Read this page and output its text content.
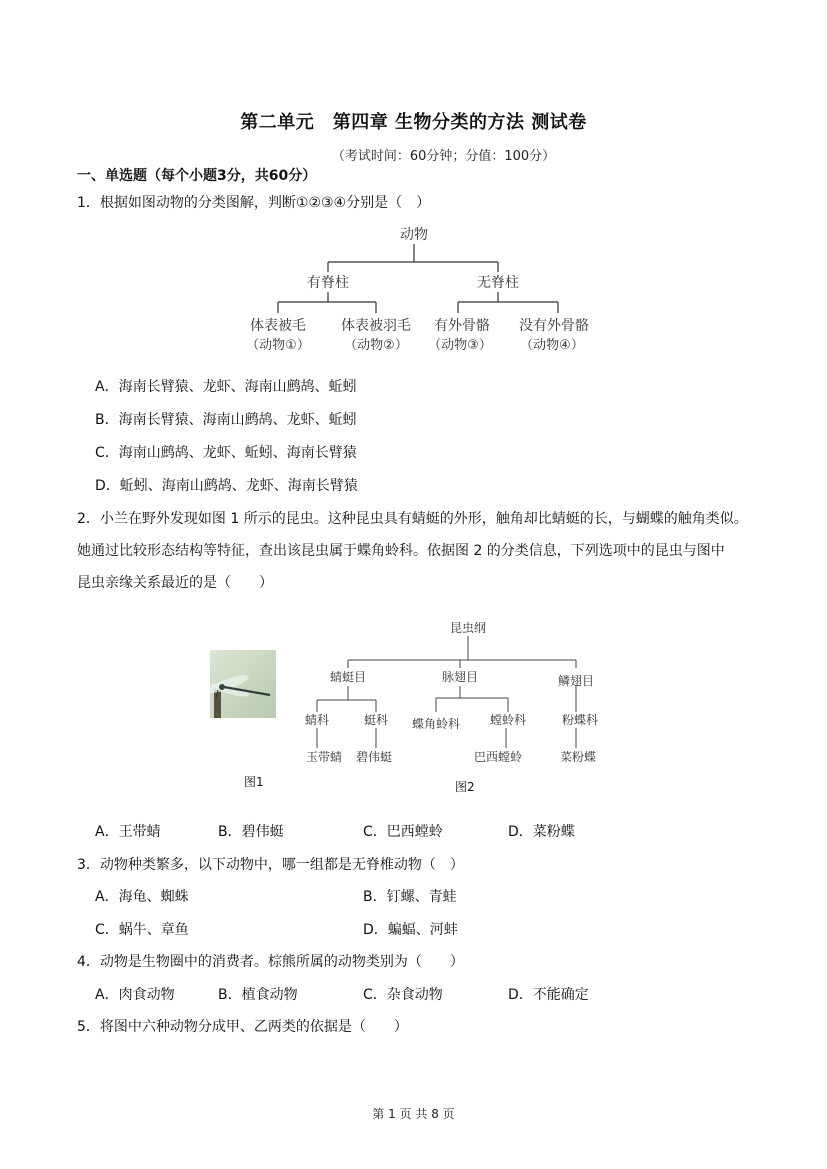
第二单元　第四章 生物分类的方法 测试卷
（考试时间：60分钟；分值：100分）
一、单选题（每个小题3分，共60分）
1．根据如图动物的分类图解，判断①②③④分别是（　）
动物
有脊柱	无脊柱
体表被毛
（动物①）
体表被羽毛
（动物②）
有外骨骼
（动物③）
没有外骨骼
（动物④）
A．海南长臂猿、龙虾、海南山鹧鸪、蚯蚓
B．海南长臂猿、海南山鹧鸪、龙虾、蚯蚓
C．海南山鹧鸪、龙虾、蚯蚓、海南长臂猿
D．蚯蚓、海南山鹧鸪、龙虾、海南长臂猿
2．小兰在野外发现如图 1 所示的昆虫。这种昆虫具有蜻蜓的外形，触角却比蜻蜓的长，与蝴蝶的触角类似。
她通过比较形态结构等特征，查出该昆虫属于蝶角蛉科。依据图 2 的分类信息，下列选项中的昆虫与图中
昆虫亲缘关系最近的是（　　）
图1
昆虫纲
蜻蜓目	脉翅目	鳞翅目
蜻科	蜓科 蝶角蛉科 螳蛉科	粉蝶科
玉带蜻 碧伟蜓	巴西螳蛉	菜粉蝶
图2
A．王带蜻	B．碧伟蜓	C．巴西螳蛉	D．菜粉蝶
3．动物种类繁多，以下动物中，哪一组都是无脊椎动物（　）
A．海龟、蜘蛛	B．钉螺、青蛙
C．蜗牛、章鱼	D．蝙蝠、河蚌
4．动物是生物圈中的消费者。棕熊所属的动物类别为（　　）
A．肉食动物	B．植食动物	C．杂食动物	D．不能确定
5．将图中六种动物分成甲、乙两类的依据是（　　）
第 1 页 共 8 页
